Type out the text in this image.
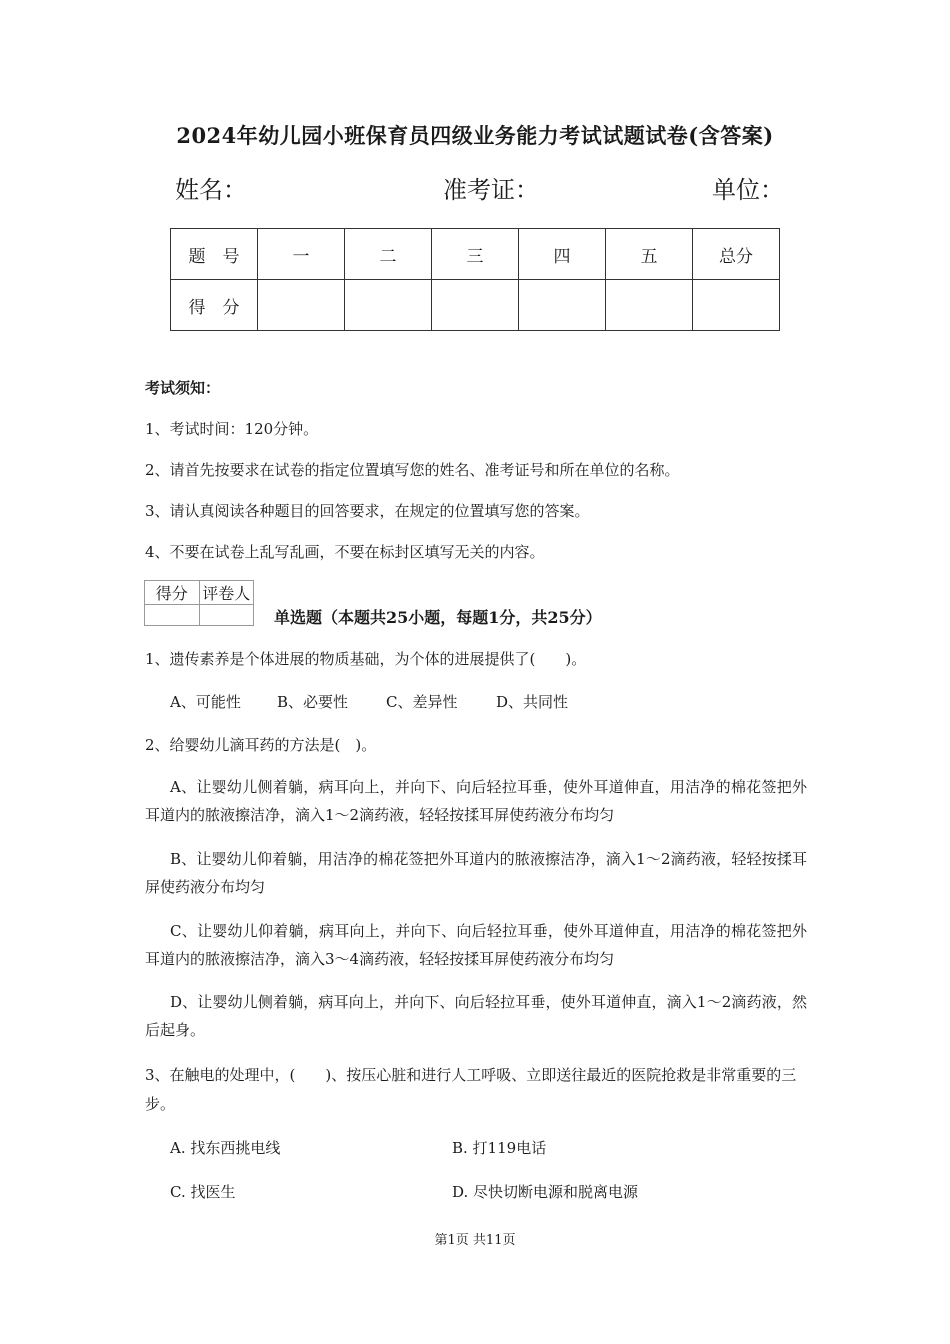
2024年幼儿园小班保育员四级业务能力考试试题试卷(含答案)
姓名：	准考证：	单位：
题　号	一	二	三	四	五	总分
得　分						
考试须知：
1、考试时间：120分钟。
2、请首先按要求在试卷的指定位置填写您的姓名、准考证号和所在单位的名称。
3、请认真阅读各种题目的回答要求，在规定的位置填写您的答案。
4、不要在试卷上乱写乱画，不要在标封区填写无关的内容。
得分	评卷人

单选题（本题共25小题，每题1分，共25分）
1、遗传素养是个体进展的物质基础，为个体的进展提供了(　　)。
A、可能性 B、必要性	C、差异性	D、共同性
2、给婴幼儿滴耳药的方法是(　)。
A、让婴幼儿侧着躺，病耳向上，并向下、向后轻拉耳垂，使外耳道伸直，用洁净的棉花签把外耳道内的脓液擦洁净，滴入1～2滴药液，轻轻按揉耳屏使药液分布均匀
B、让婴幼儿仰着躺，用洁净的棉花签把外耳道内的脓液擦洁净，滴入1～2滴药液，轻轻按揉耳屏使药液分布均匀
C、让婴幼儿仰着躺，病耳向上，并向下、向后轻拉耳垂，使外耳道伸直，用洁净的棉花签把外耳道内的脓液擦洁净，滴入3～4滴药液，轻轻按揉耳屏使药液分布均匀
D、让婴幼儿侧着躺，病耳向上，并向下、向后轻拉耳垂，使外耳道伸直，滴入1～2滴药液，然后起身。
3、在触电的处理中，(　　)、按压心脏和进行人工呼吸、立即送往最近的医院抢救是非常重要的三步。
A. 找东西挑电线	B. 打119电话
C. 找医生	D. 尽快切断电源和脱离电源
第1页 共11页
